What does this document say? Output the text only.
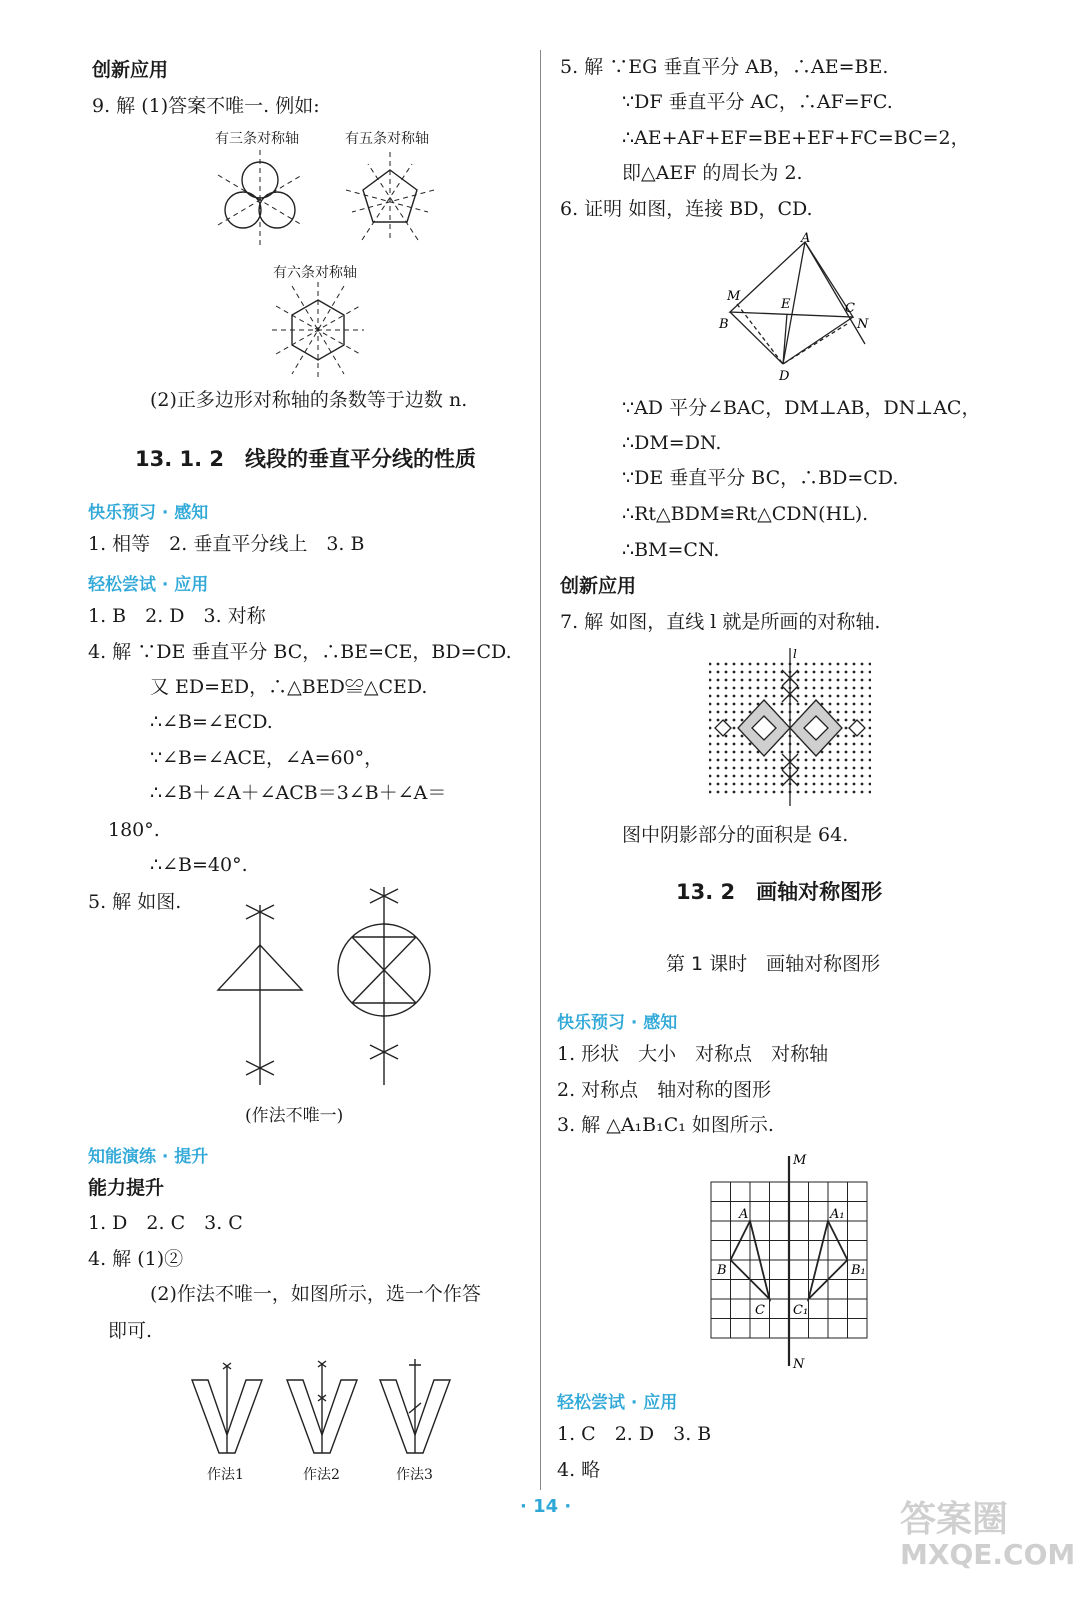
创新应用
9. 解 (1)答案不唯一. 例如:
有三条对称轴	有五条对称轴
有六条对称轴
(2)正多边形对称轴的条数等于边数 n.
13. 1. 2　线段的垂直平分线的性质
快乐预习 · 感知
1. 相等　2. 垂直平分线上　3. B
轻松尝试 · 应用
1. B　2. D　3. 对称
4. 解 ∵DE 垂直平分 BC，∴BE=CE，BD=CD.
又 ED=ED，∴△BED≌△CED.
∴∠B=∠ECD.
∵∠B=∠ACE，∠A=60°，
∴∠B＋∠A＋∠ACB＝3∠B＋∠A＝
180°.
∴∠B=40°.
5. 解 如图.
(作法不唯一)
知能演练 · 提升
能力提升
1. D　2. C　3. C
4. 解 (1)②
(2)作法不唯一，如图所示，选一个作答
即可.
作法1	作法2	作法3
5. 解 ∵EG 垂直平分 AB，∴AE=BE.
∵DF 垂直平分 AC，∴AF=FC.
∴AE+AF+EF=BE+EF+FC=BC=2，
即△AEF 的周长为 2.
6. 证明 如图，连接 BD，CD.
A
B
C
D
E
M
N
∵AD 平分∠BAC，DM⊥AB，DN⊥AC，
∴DM=DN.
∵DE 垂直平分 BC，∴BD=CD.
∴Rt△BDM≌Rt△CDN(HL).
∴BM=CN.
创新应用
7. 解 如图，直线 l 就是所画的对称轴.
l
图中阴影部分的面积是 64.
13. 2　画轴对称图形
第 1 课时　画轴对称图形
快乐预习 · 感知
1. 形状　大小　对称点　对称轴
2. 对称点　轴对称的图形
3. 解 △A₁B₁C₁ 如图所示.
M
N
A
B
C
A₁
B₁
C₁
轻松尝试 · 应用
1. C　2. D　3. B
4. 略
· 14 ·	答案圈
MXQE.COM
